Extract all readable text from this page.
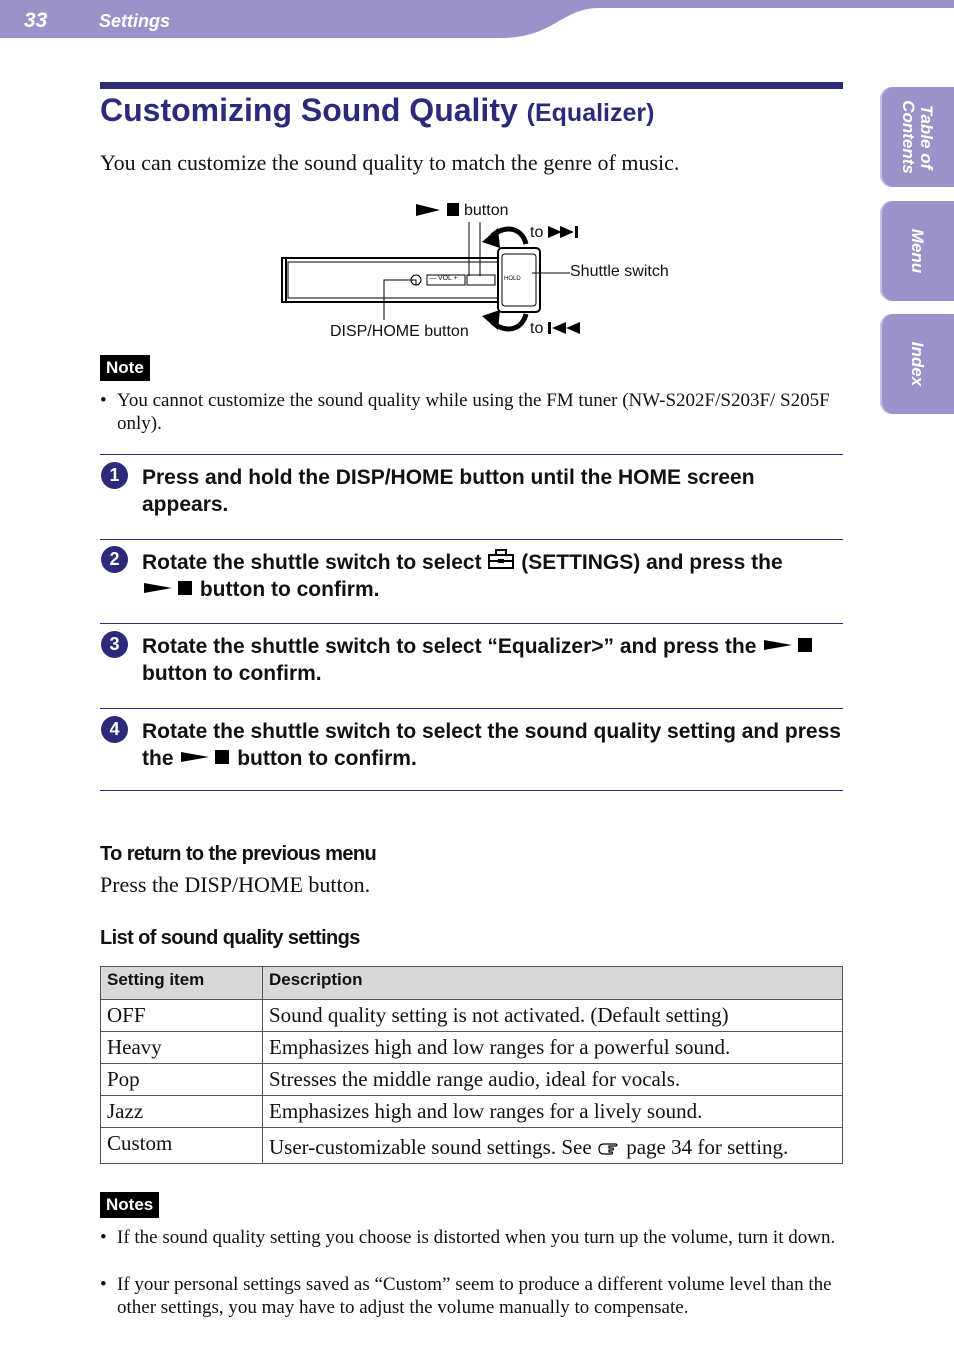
33	Settings
Table of
Contents
Menu
Index
Customizing Sound Quality (Equalizer)
You can customize the sound quality to match the genre of music.
button
to
Shuttle switch
DISP/HOME button	to
— VOL +	HOLD
Note
• You cannot customize the sound quality while using the FM tuner (NW-S202F/S203F/ S205F only).
1	Press and hold the DISP/HOME button until the HOME screen appears.
2	Rotate the shuttle switch to select (SETTINGS) and press the
button to confirm.
3	Rotate the shuttle switch to select “Equalizer>” and press the  button to confirm.
4	Rotate the shuttle switch to select the sound quality setting and press the	button to confirm.
To return to the previous menu
Press the DISP/HOME button.
List of sound quality settings
Setting item	Description
OFF	Sound quality setting is not activated. (Default setting)
Heavy	Emphasizes high and low ranges for a powerful sound.
Pop	Stresses the middle range audio, ideal for vocals.
Jazz	Emphasizes high and low ranges for a lively sound.
Custom	User-customizable sound settings. See page 34 for setting.
Notes
• If the sound quality setting you choose is distorted when you turn up the volume, turn it down.
• If your personal settings saved as “Custom” seem to produce a different volume level than the other settings, you may have to adjust the volume manually to compensate.
